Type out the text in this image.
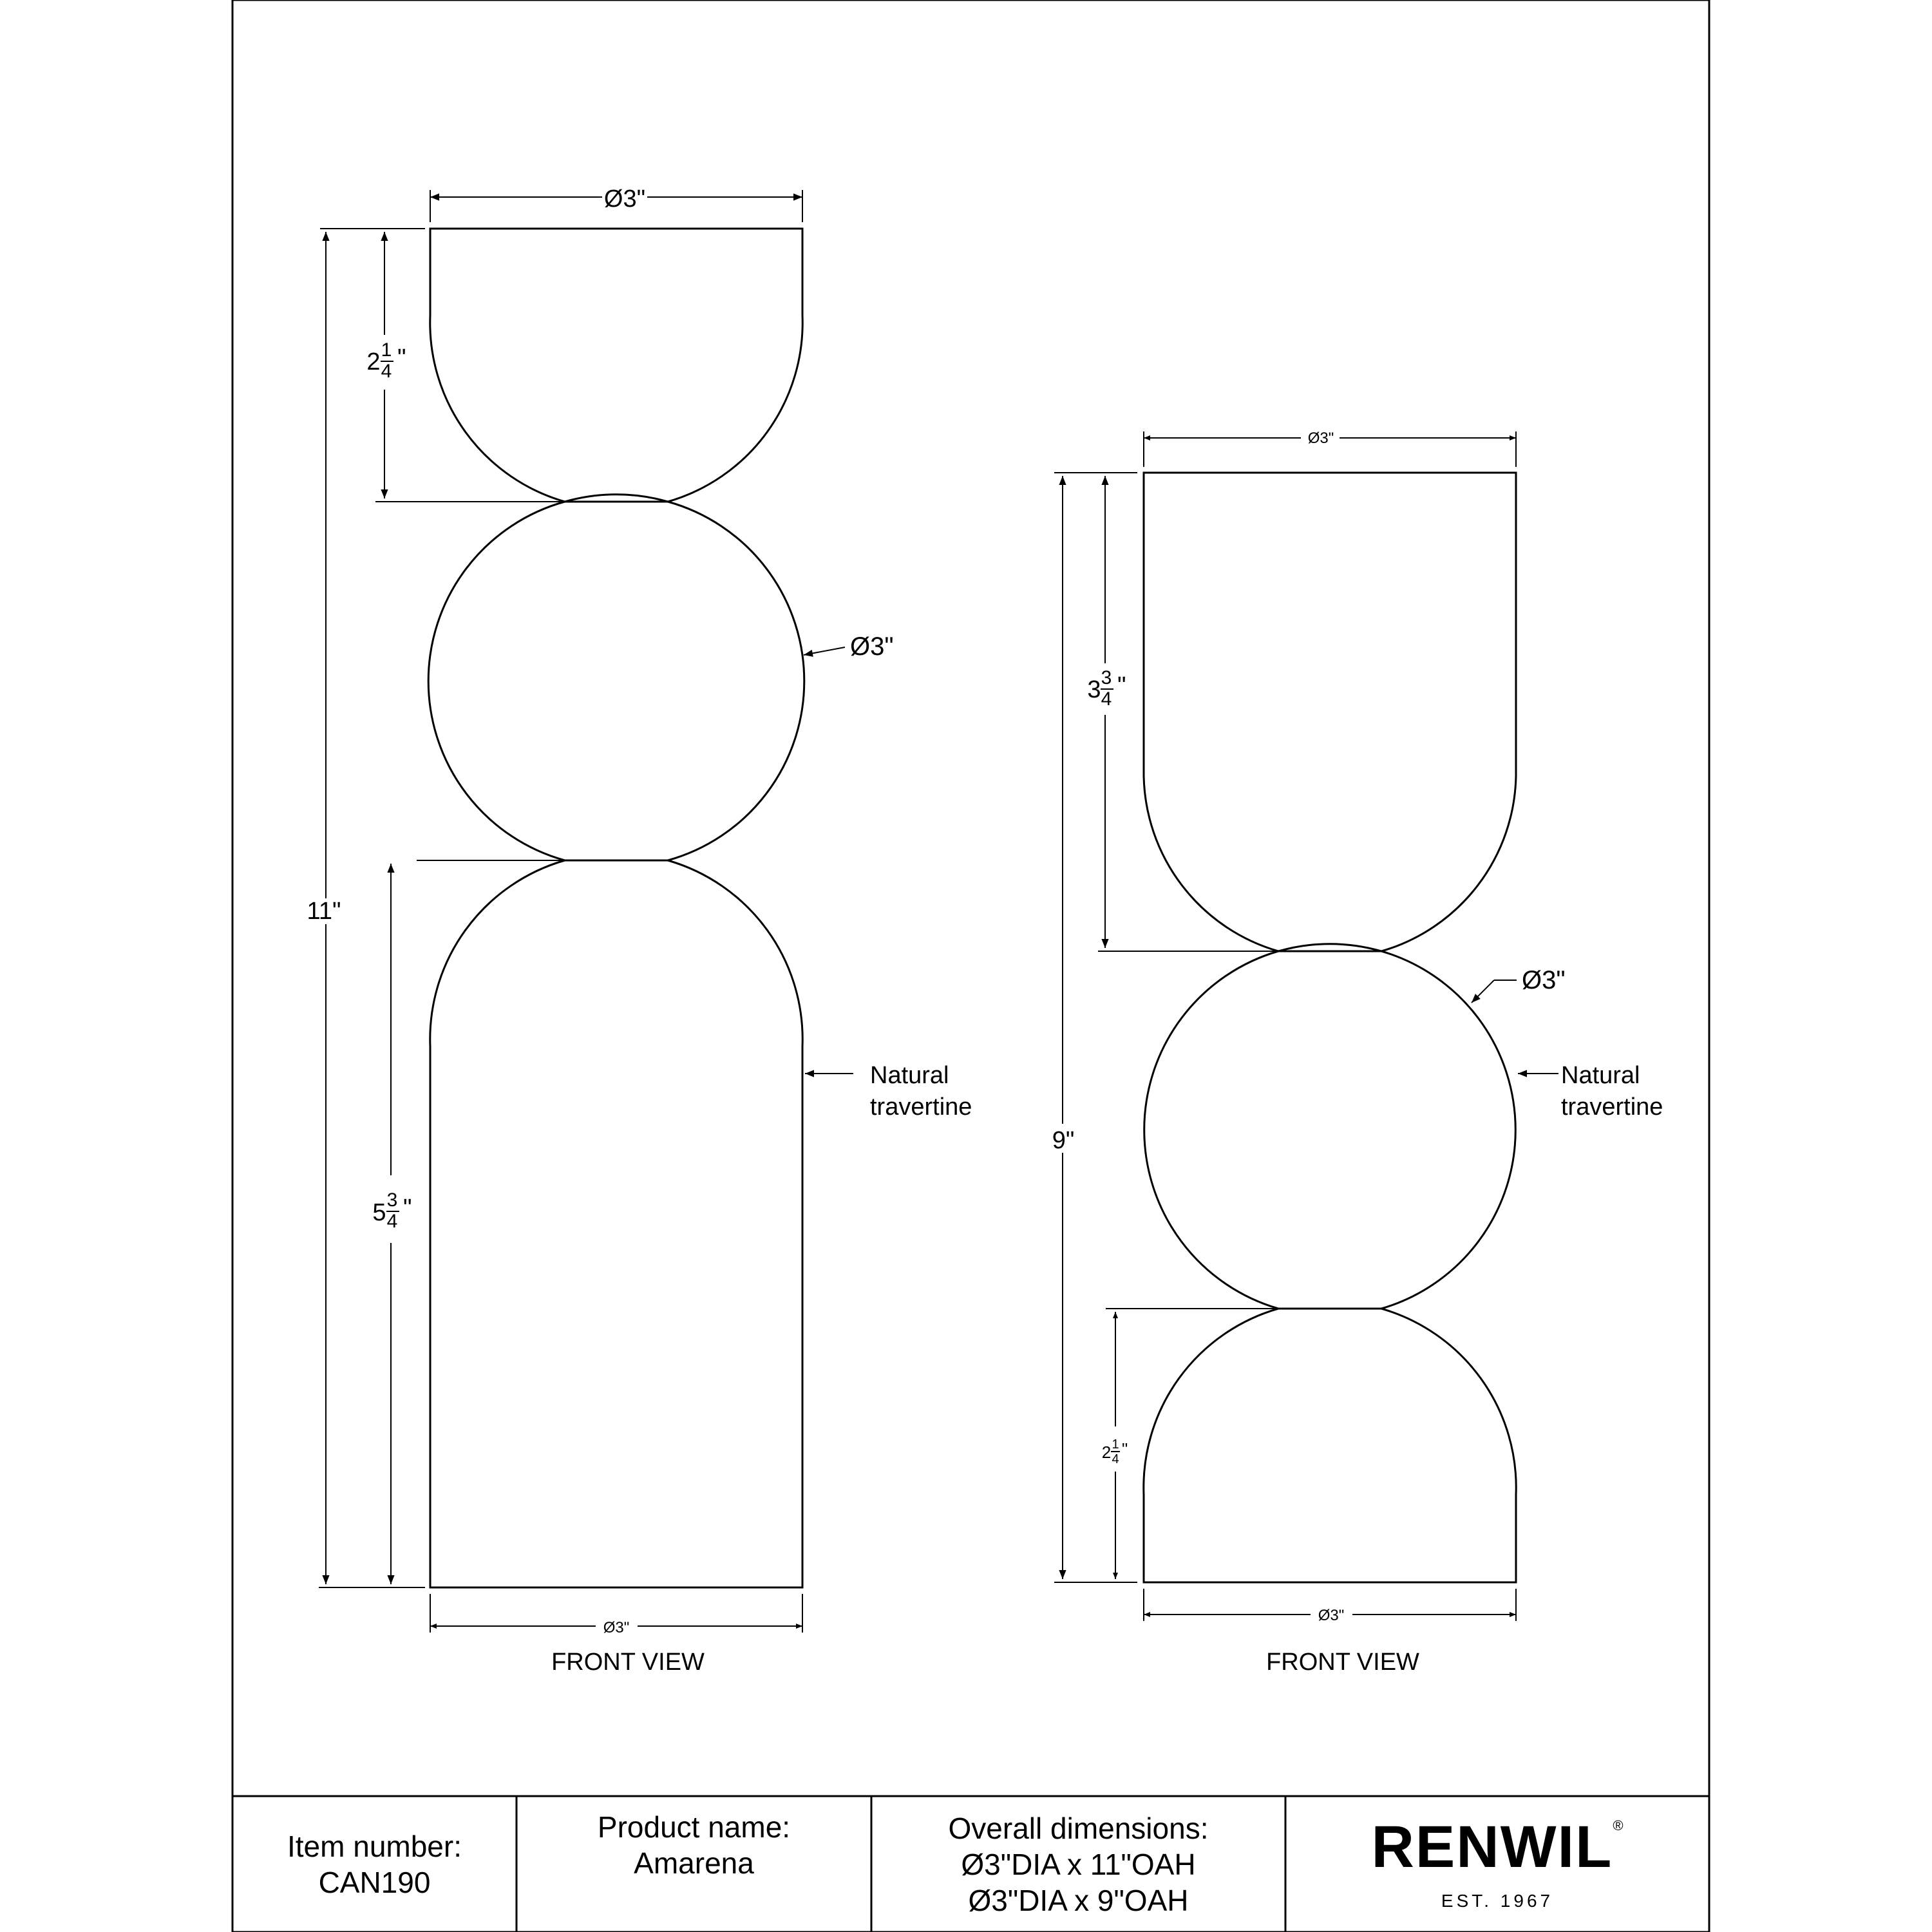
Ø3"
2 1
4 "
11"
Ø3"
5 3
4 "
Natural
travertine
Ø3"
FRONT VIEW
Ø3"
3 3
4 "
9"
Ø3"
Natural
travertine
2 1
4
"
Ø3"
FRONT VIEW
Item number:
CAN190
Product name:
Amarena
Overall dimensions:
Ø3"DIA x 11"OAH
Ø3"DIA x 9"OAH
RENWIL®
EST. 1967
